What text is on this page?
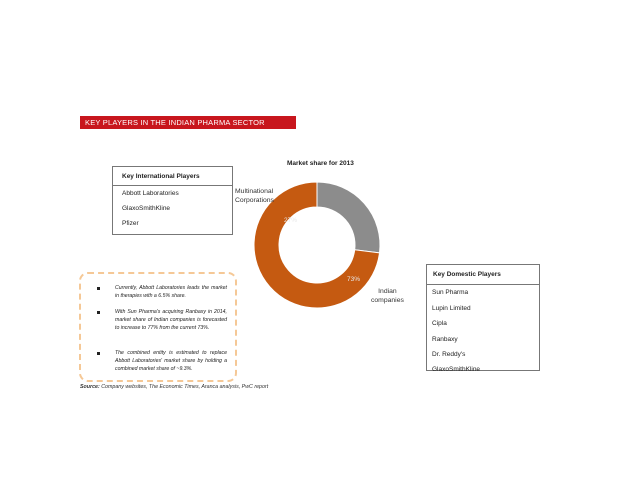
KEY PLAYERS IN THE INDIAN PHARMA SECTOR
Key International Players
Abbott Laboratories
GlaxoSmithKline
Pfizer
Market share for 2013
27%
73%
Multinational
Corporations
Indian
companies
Key Domestic Players
Sun Pharma
Lupin Limited
Cipla
Ranbaxy
Dr. Reddy's
GlaxoSmithKline
Currently, Abbott Laboratories leads the market in therapies with a 6.5% share.
With Sun Pharma's acquiring Ranbaxy in 2014, market share of Indian companies is forecasted to increase to 77% from the current 73%.
The combined entity is estimated to replace Abbott Laboratories' market share by holding a combined market share of ~9.3%.
Source: Company websites, The Economic Times, Aranca analysis, PwC report
